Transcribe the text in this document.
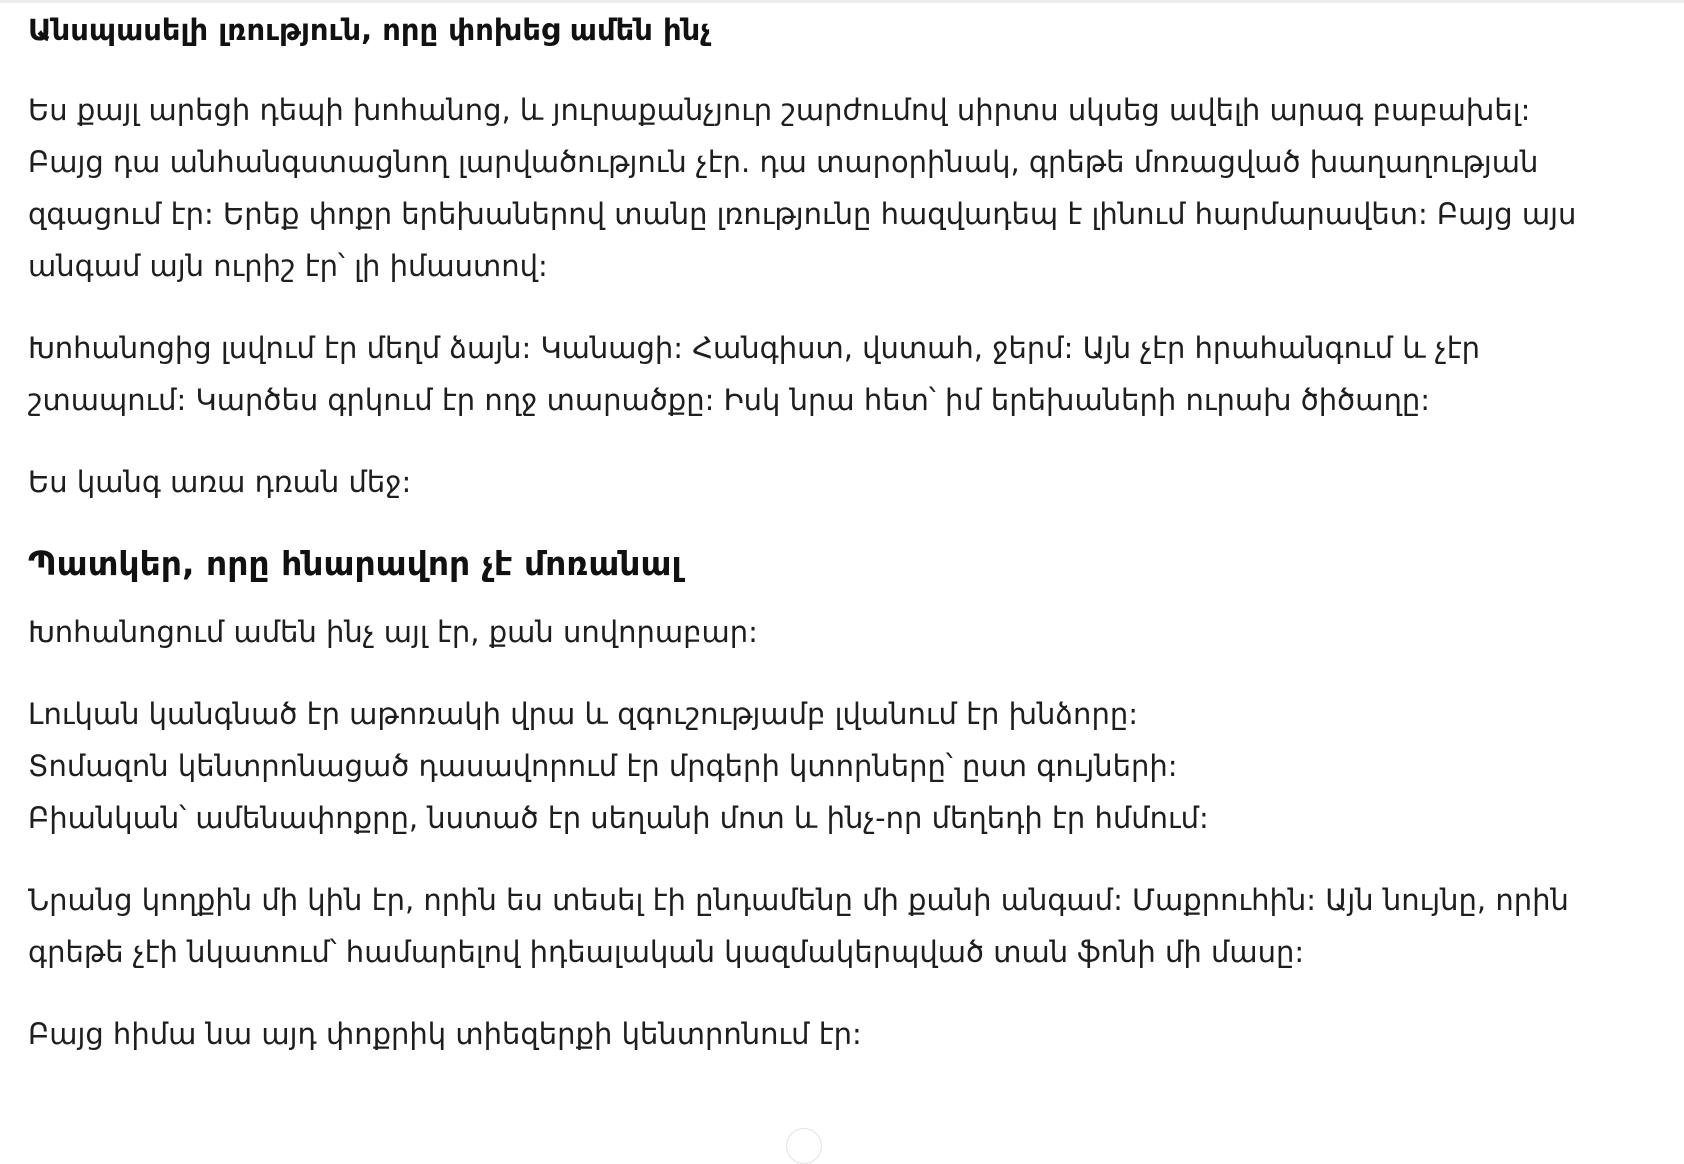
Անսպասելի լռություն, որը փոխեց ամեն ինչ
Ես քայլ արեցի դեպի խոհանոց, և յուրաքանչյուր շարժումով սիրտս սկսեց ավելի արագ բաբախել:
Բայց դա անհանգստացնող լարվածություն չէր. դա տարօրինակ, գրեթե մոռացված խաղաղության
զգացում էր: Երեք փոքր երեխաներով տանը լռությունը հազվադեպ է լինում հարմարավետ: Բայց այս
անգամ այն ուրիշ էր՝ լի իմաստով:
Խոհանոցից լսվում էր մեղմ ձայն: Կանացի: Հանգիստ, վստահ, ջերմ: Այն չէր հրահանգում և չէր
շտապում: Կարծես գրկում էր ողջ տարածքը: Իսկ նրա հետ՝ իմ երեխաների ուրախ ծիծաղը:
Ես կանգ առա դռան մեջ:
Պատկեր, որը հնարավոր չէ մոռանալ
Խոհանոցում ամեն ինչ այլ էր, քան սովորաբար:
Լուկան կանգնած էր աթոռակի վրա և զգուշությամբ լվանում էր խնձորը:
Տոմազոն կենտրոնացած դասավորում էր մրգերի կտորները՝ ըստ գույների:
Բիանկան՝ ամենափոքրը, նստած էր սեղանի մոտ և ինչ-որ մեղեդի էր հմմում:
Նրանց կողքին մի կին էր, որին ես տեսել էի ընդամենը մի քանի անգամ: Մաքրուհին: Այն նույնը, որին
գրեթե չէի նկատում՝ համարելով իդեալական կազմակերպված տան ֆոնի մի մասը:
Բայց հիմա նա այդ փոքրիկ տիեզերքի կենտրոնում էր:
